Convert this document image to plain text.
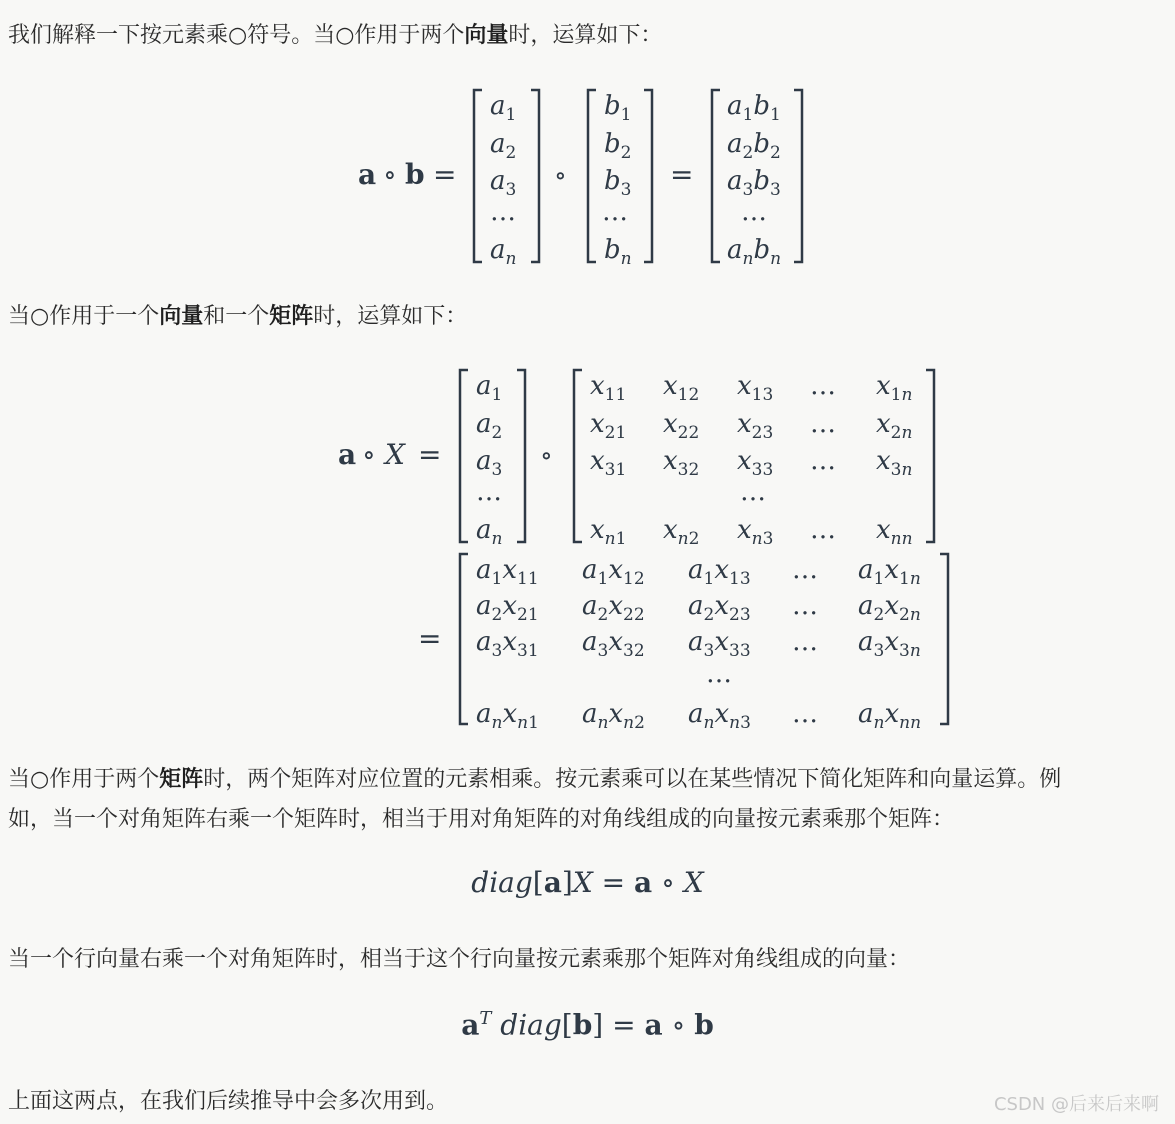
我们解释一下按元素乘○符号。当○作用于两个向量时，运算如下：
a ∘ b =
$a_1$
$a_2$
$a_3$
…
$a_n$
∘
$b_1$
$b_2$
$b_3$
…
$b_n$
=
$a_1b_1$
$a_2b_2$
$a_3b_3$
…
$a_nb_n$
当○作用于一个向量和一个矩阵时，运算如下：
a ∘ X =
$a_1$
$a_2$
$a_3$
…
$a_n$
∘
$x_{11}$ $x_{12}$ $x_{13}$ … $x_{1n}$
$x_{21}$ $x_{22}$ $x_{23}$ … $x_{2n}$
$x_{31}$ $x_{32}$ $x_{33}$ … $x_{3n}$
…
$x_{n1}$ $x_{n2}$ $x_{n3}$ … $x_{nn}$
=
$a_1x_{11}$ $a_1x_{12}$ $a_1x_{13}$ … $a_1x_{1n}$
$a_2x_{21}$ $a_2x_{22}$ $a_2x_{23}$ … $a_2x_{2n}$
$a_3x_{31}$ $a_3x_{32}$ $a_3x_{33}$ … $a_3x_{3n}$
…
$a_nx_{n1}$ $a_nx_{n2}$ $a_nx_{n3}$ … $a_nx_{nn}$
当○作用于两个矩阵时，两个矩阵对应位置的元素相乘。按元素乘可以在某些情况下简化矩阵和向量运算。例
如，当一个对角矩阵右乘一个矩阵时，相当于用对角矩阵的对角线组成的向量按元素乘那个矩阵：
diag[a]X = a ∘ X
当一个行向量右乘一个对角矩阵时，相当于这个行向量按元素乘那个矩阵对角线组成的向量：
$a^T$ diag[b] = a ∘ b
上面这两点，在我们后续推导中会多次用到。	CSDN @后来后来啊
